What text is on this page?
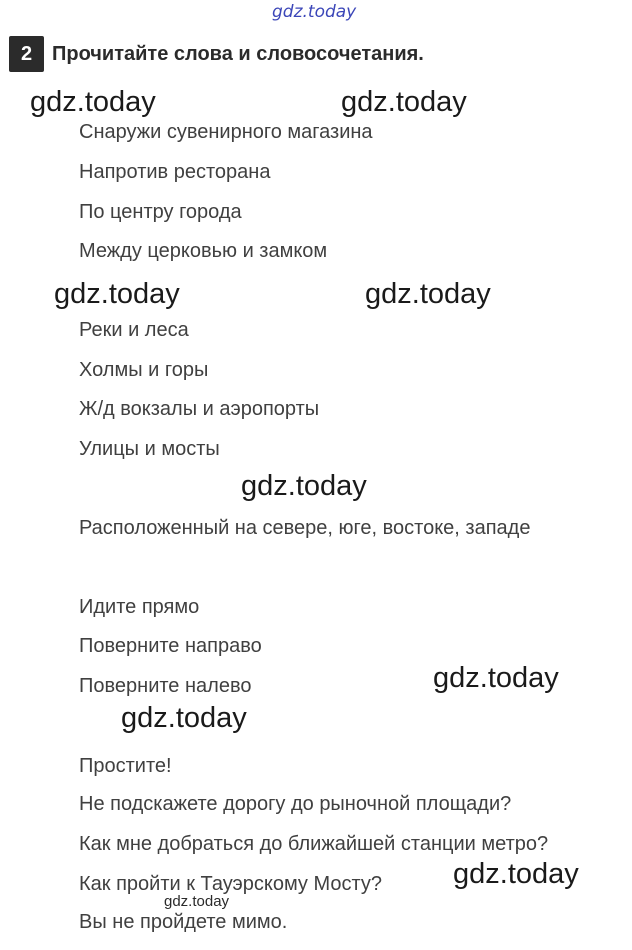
gdz.today
2 Прочитайте слова и словосочетания.
gdz.today	gdz.today
Снаружи сувенирного магазина
Напротив ресторана
По центру города
Между церковью и замком
gdz.today	gdz.today
Реки и леса
Холмы и горы
Ж/д вокзалы и аэропорты
Улицы и мосты
gdz.today
Расположенный на севере, юге, востоке, западе
Идите прямо
Поверните направо
gdz.today
Поверните налево
gdz.today
Простите!
Не подскажете дорогу до рыночной площади?
Как мне добраться до ближайшей станции метро?
gdz.today
Как пройти к Тауэрскому Мосту?
gdz.today
Вы не пройдете мимо.
